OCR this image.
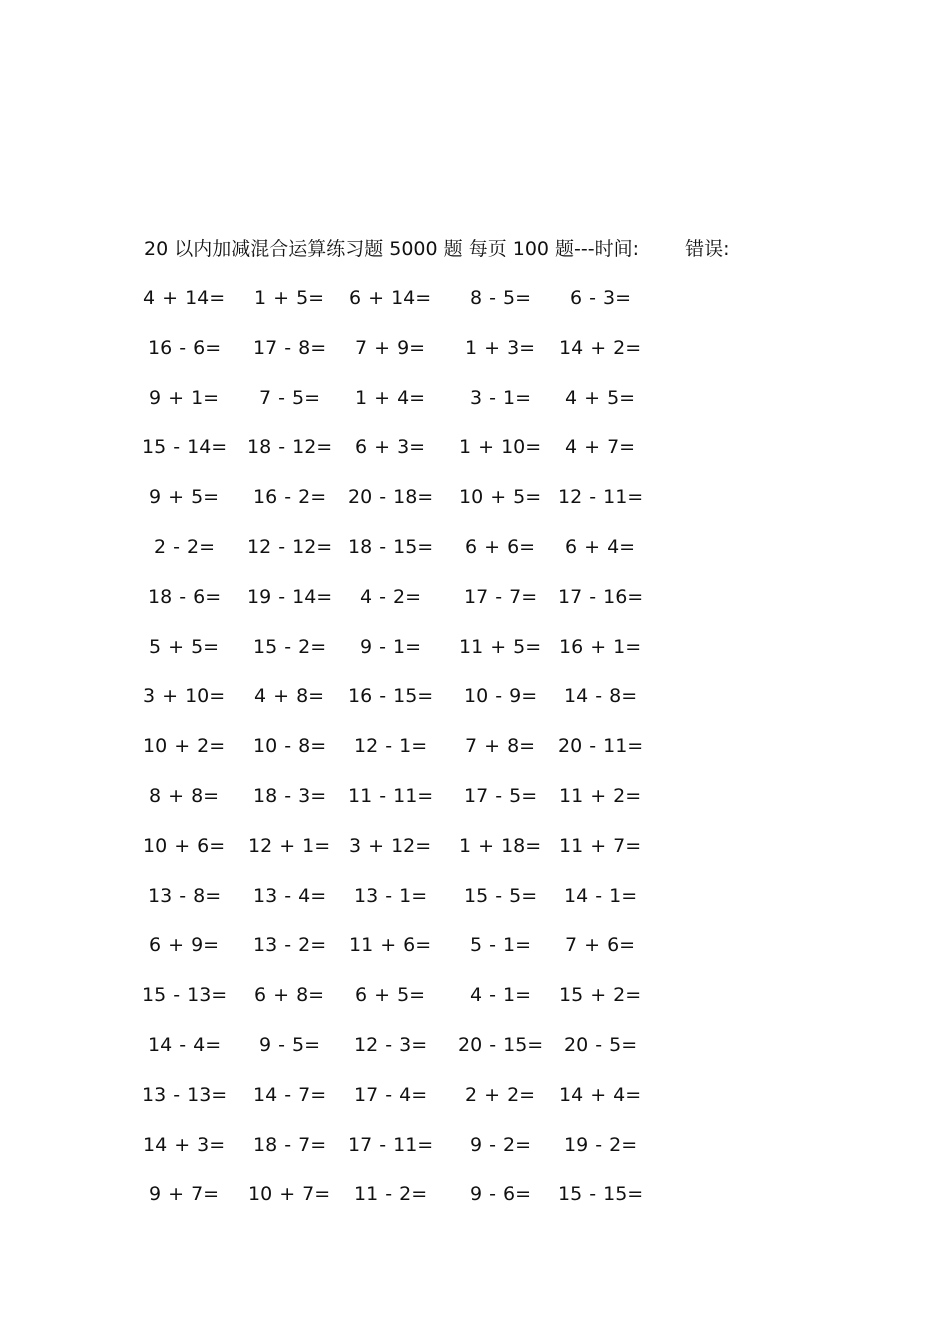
20 以内加减混合运算练习题 5000 题 每页 100 题---时间: 错误:
4 + 14= 1 + 5= 6 + 14= 8 - 5= 6 - 3=
16 - 6= 17 - 8= 7 + 9= 1 + 3= 14 + 2=
9 + 1= 7 - 5= 1 + 4= 3 - 1= 4 + 5=
15 - 14= 18 - 12= 6 + 3= 1 + 10= 4 + 7=
9 + 5= 16 - 2= 20 - 18= 10 + 5= 12 - 11=
2 - 2= 12 - 12= 18 - 15= 6 + 6= 6 + 4=
18 - 6= 19 - 14= 4 - 2= 17 - 7= 17 - 16=
5 + 5= 15 - 2= 9 - 1= 11 + 5= 16 + 1=
3 + 10= 4 + 8= 16 - 15= 10 - 9= 14 - 8=
10 + 2= 10 - 8= 12 - 1= 7 + 8= 20 - 11=
8 + 8= 18 - 3= 11 - 11= 17 - 5= 11 + 2=
10 + 6= 12 + 1= 3 + 12= 1 + 18= 11 + 7=
13 - 8= 13 - 4= 13 - 1= 15 - 5= 14 - 1=
6 + 9= 13 - 2= 11 + 6= 5 - 1= 7 + 6=
15 - 13= 6 + 8= 6 + 5= 4 - 1= 15 + 2=
14 - 4= 9 - 5= 12 - 3= 20 - 15= 20 - 5=
13 - 13= 14 - 7= 17 - 4= 2 + 2= 14 + 4=
14 + 3= 18 - 7= 17 - 11= 9 - 2= 19 - 2=
9 + 7= 10 + 7= 11 - 2= 9 - 6= 15 - 15=
